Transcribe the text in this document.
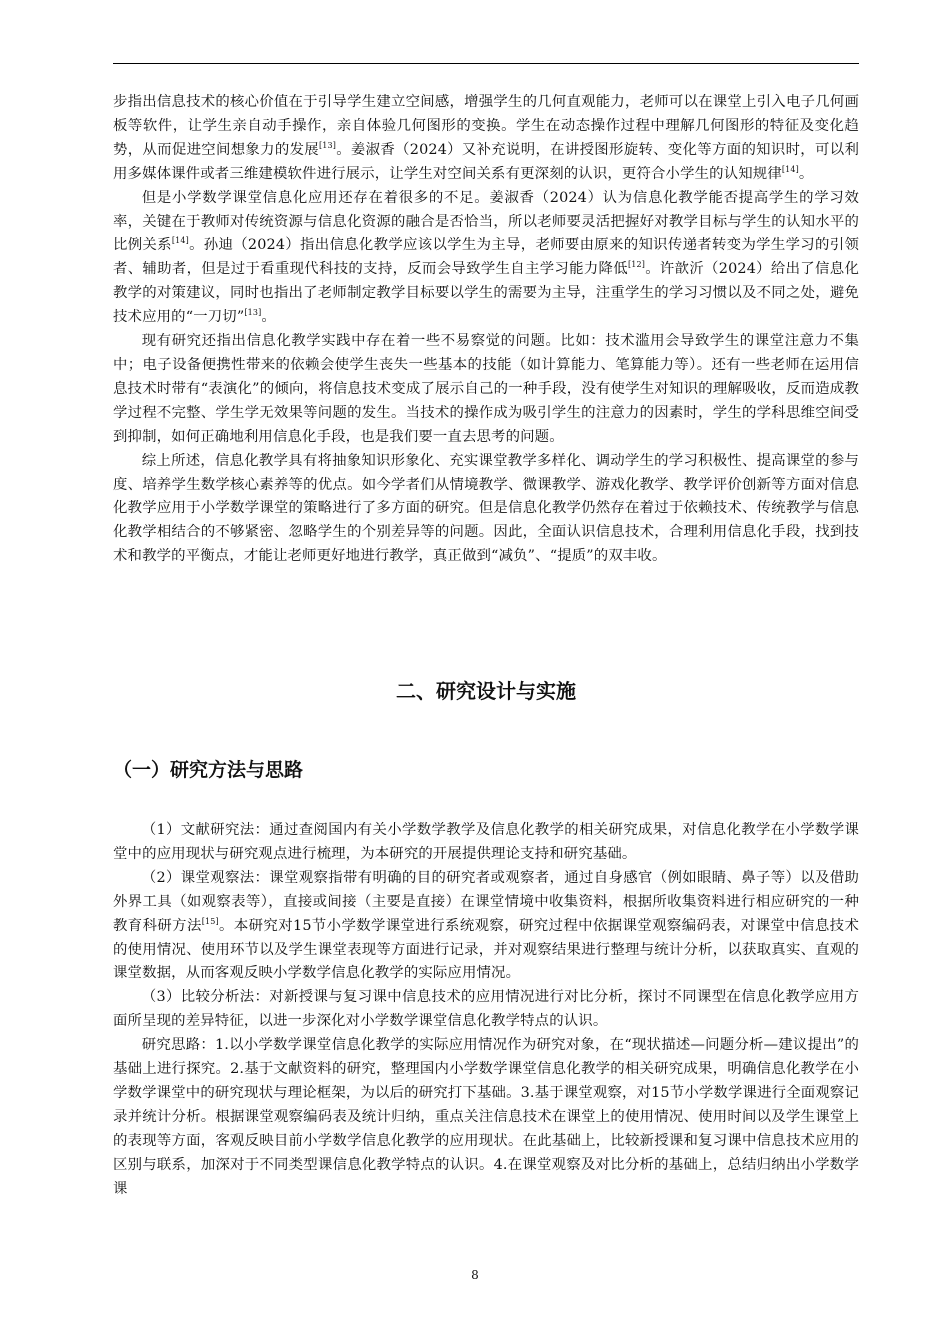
步指出信息技术的核心价值在于引导学生建立空间感，增强学生的几何直观能力，老师可以在课堂上引入电子几何画板等软件，让学生亲自动手操作，亲自体验几何图形的变换。学生在动态操作过程中理解几何图形的特征及变化趋势，从而促进空间想象力的发展[13]。姜淑香（2024）又补充说明，在讲授图形旋转、变化等方面的知识时，可以利用多媒体课件或者三维建模软件进行展示，让学生对空间关系有更深刻的认识，更符合小学生的认知规律[14]。

但是小学数学课堂信息化应用还存在着很多的不足。姜淑香（2024）认为信息化教学能否提高学生的学习效率，关键在于教师对传统资源与信息化资源的融合是否恰当，所以老师要灵活把握好对教学目标与学生的认知水平的比例关系[14]。孙迪（2024）指出信息化教学应该以学生为主导，老师要由原来的知识传递者转变为学生学习的引领者、辅助者，但是过于看重现代科技的支持，反而会导致学生自主学习能力降低[12]。许歆沂（2024）给出了信息化教学的对策建议，同时也指出了老师制定教学目标要以学生的需要为主导，注重学生的学习习惯以及不同之处，避免技术应用的“一刀切”[13]。

现有研究还指出信息化教学实践中存在着一些不易察觉的问题。比如：技术滥用会导致学生的课堂注意力不集中；电子设备便携性带来的依赖会使学生丧失一些基本的技能（如计算能力、笔算能力等）。还有一些老师在运用信息技术时带有“表演化”的倾向，将信息技术变成了展示自己的一种手段，没有使学生对知识的理解吸收，反而造成教学过程不完整、学生学无效果等问题的发生。当技术的操作成为吸引学生的注意力的因素时，学生的学科思维空间受到抑制，如何正确地利用信息化手段，也是我们要一直去思考的问题。

综上所述，信息化教学具有将抽象知识形象化、充实课堂教学多样化、调动学生的学习积极性、提高课堂的参与度、培养学生数学核心素养等的优点。如今学者们从情境教学、微课教学、游戏化教学、教学评价创新等方面对信息化教学应用于小学数学课堂的策略进行了多方面的研究。但是信息化教学仍然存在着过于依赖技术、传统教学与信息化教学相结合的不够紧密、忽略学生的个别差异等的问题。因此，全面认识信息技术，合理利用信息化手段，找到技术和教学的平衡点，才能让老师更好地进行教学，真正做到“减负”、“提质”的双丰收。

二、研究设计与实施
（一）研究方法与思路

（1）文献研究法：通过查阅国内有关小学数学教学及信息化教学的相关研究成果，对信息化教学在小学数学课堂中的应用现状与研究观点进行梳理，为本研究的开展提供理论支持和研究基础。

（2）课堂观察法：课堂观察指带有明确的目的研究者或观察者，通过自身感官（例如眼睛、鼻子等）以及借助外界工具（如观察表等），直接或间接（主要是直接）在课堂情境中收集资料，根据所收集资料进行相应研究的一种教育科研方法[15]。本研究对15节小学数学课堂进行系统观察，研究过程中依据课堂观察编码表，对课堂中信息技术的使用情况、使用环节以及学生课堂表现等方面进行记录，并对观察结果进行整理与统计分析，以获取真实、直观的课堂数据，从而客观反映小学数学信息化教学的实际应用情况。

（3）比较分析法：对新授课与复习课中信息技术的应用情况进行对比分析，探讨不同课型在信息化教学应用方面所呈现的差异特征，以进一步深化对小学数学课堂信息化教学特点的认识。

研究思路：1.以小学数学课堂信息化教学的实际应用情况作为研究对象，在“现状描述—问题分析—建议提出”的基础上进行探究。2.基于文献资料的研究，整理国内小学数学课堂信息化教学的相关研究成果，明确信息化教学在小学数学课堂中的研究现状与理论框架，为以后的研究打下基础。3.基于课堂观察，对15节小学数学课进行全面观察记录并统计分析。根据课堂观察编码表及统计归纳，重点关注信息技术在课堂上的使用情况、使用时间以及学生课堂上的表现等方面，客观反映目前小学数学信息化教学的应用现状。在此基础上，比较新授课和复习课中信息技术应用的区别与联系，加深对于不同类型课信息化教学特点的认识。4.在课堂观察及对比分析的基础上，总结归纳出小学数学课

8
